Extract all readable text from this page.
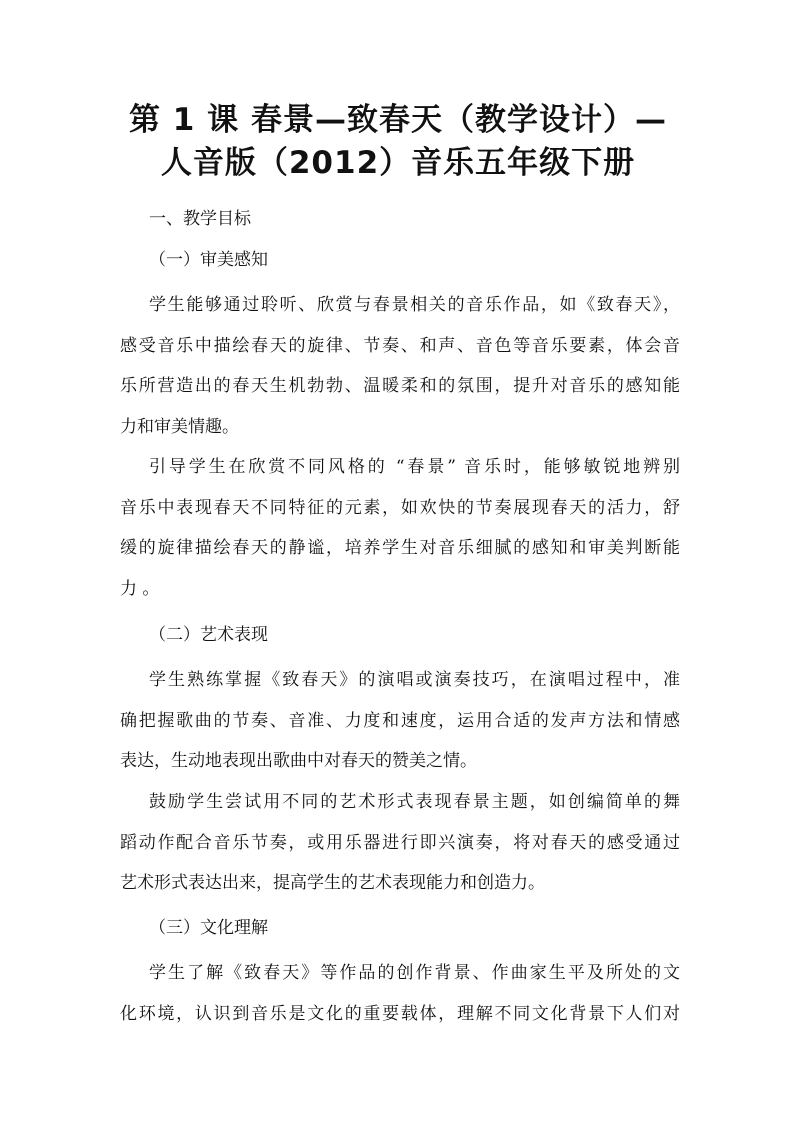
第 1 课 春景—致春天（教学设计）—
人音版（2012）音乐五年级下册

一、教学目标

（一）审美感知

学生能够通过聆听、欣赏与春景相关的音乐作品，如《致春天》，
感受音乐中描绘春天的旋律、节奏、和声、音色等音乐要素，体会音
乐所营造出的春天生机勃勃、温暖柔和的氛围，提升对音乐的感知能
力和审美情趣。
引导学生在欣赏不同风格的 “春景” 音乐时，能够敏锐地辨别
音乐中表现春天不同特征的元素，如欢快的节奏展现春天的活力，舒
缓的旋律描绘春天的静谧，培养学生对音乐细腻的感知和审美判断能
力 。

（二）艺术表现

学生熟练掌握《致春天》的演唱或演奏技巧，在演唱过程中，准
确把握歌曲的节奏、音准、力度和速度，运用合适的发声方法和情感
表达，生动地表现出歌曲中对春天的赞美之情。
鼓励学生尝试用不同的艺术形式表现春景主题，如创编简单的舞
蹈动作配合音乐节奏，或用乐器进行即兴演奏，将对春天的感受通过
艺术形式表达出来，提高学生的艺术表现能力和创造力。

（三）文化理解

学生了解《致春天》等作品的创作背景、作曲家生平及所处的文
化环境，认识到音乐是文化的重要载体，理解不同文化背景下人们对
